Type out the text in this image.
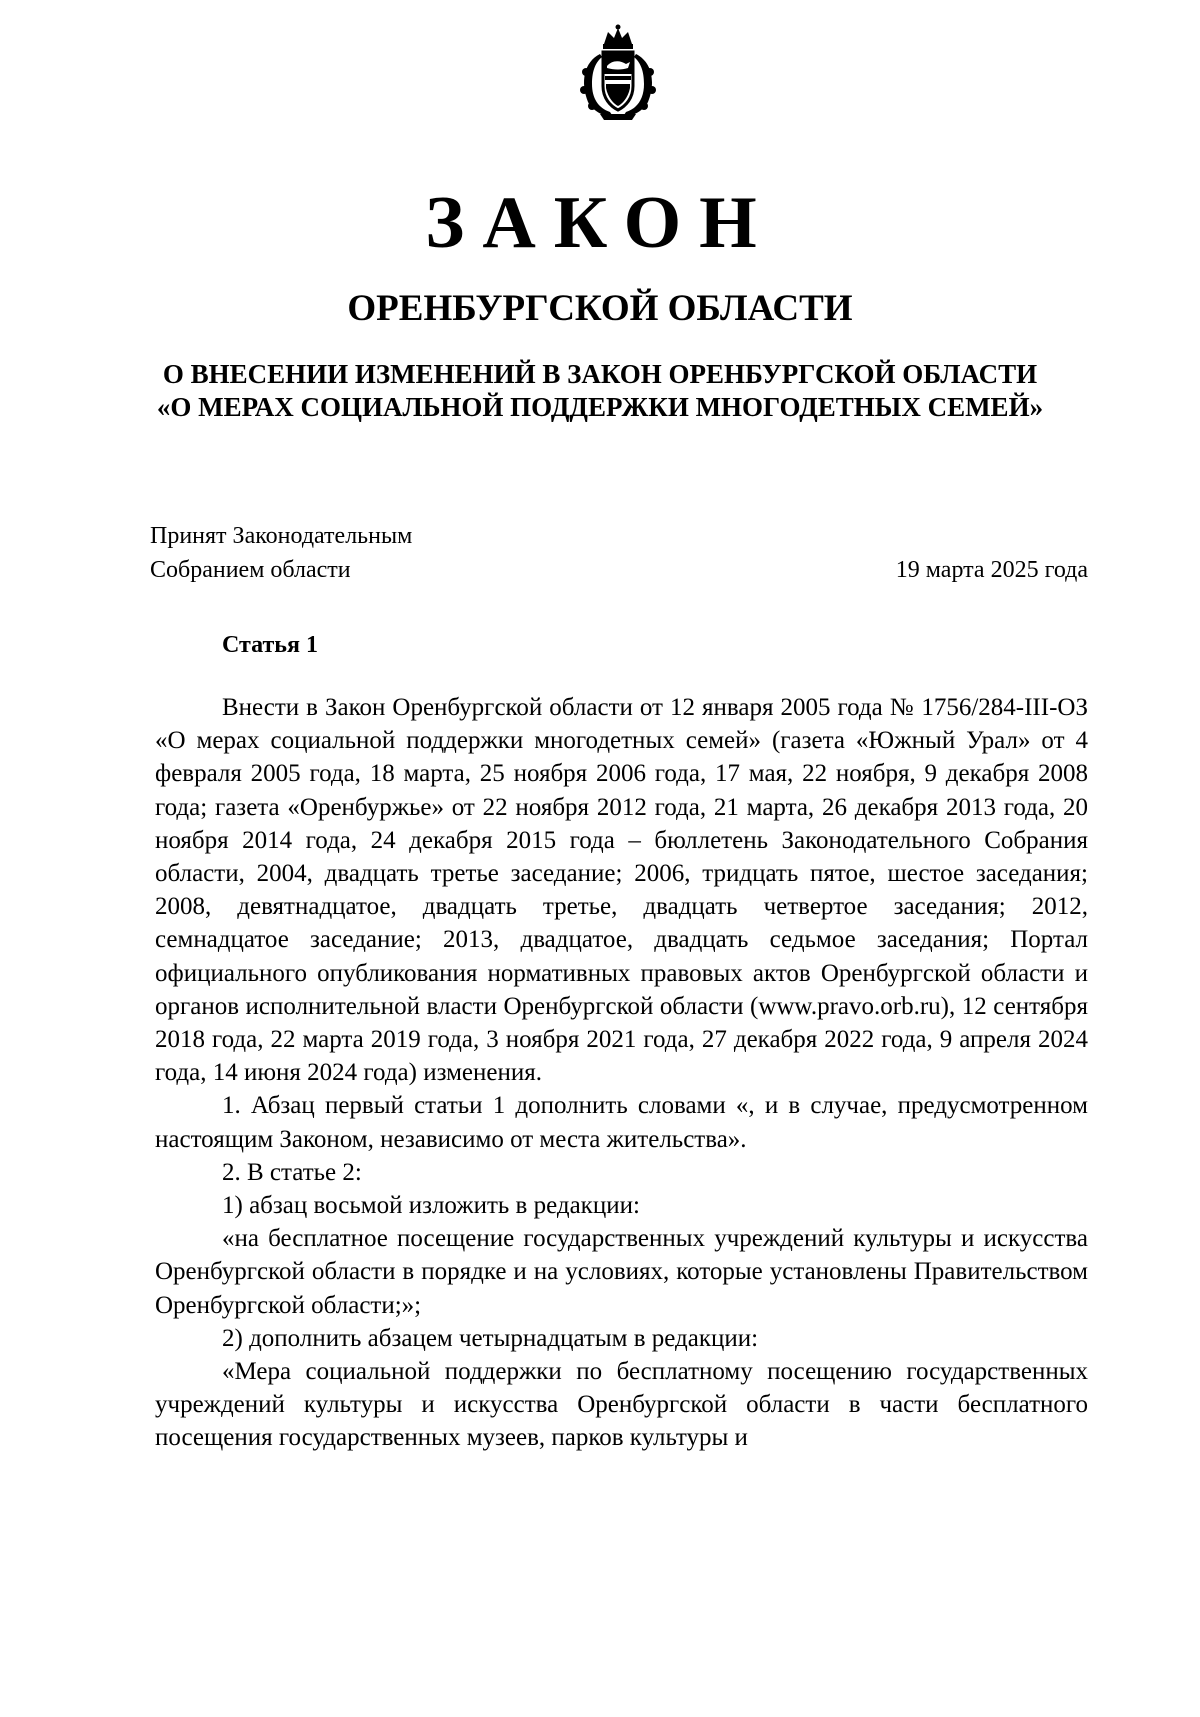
ЗАКОН
ОРЕНБУРГСКОЙ ОБЛАСТИ
О ВНЕСЕНИИ ИЗМЕНЕНИЙ В ЗАКОН ОРЕНБУРГСКОЙ ОБЛАСТИ
«О МЕРАХ СОЦИАЛЬНОЙ ПОДДЕРЖКИ МНОГОДЕТНЫХ СЕМЕЙ»
Принят Законодательным
Собранием области	19 марта 2025 года
Статья 1
Внести в Закон Оренбургской области от 12 января 2005 года № 1756/284-III-ОЗ «О мерах социальной поддержки многодетных семей» (газета «Южный Урал» от 4 февраля 2005 года, 18 марта, 25 ноября 2006 года, 17 мая, 22 ноября, 9 декабря 2008 года; газета «Оренбуржье» от 22 ноября 2012 года, 21 марта, 26 декабря 2013 года, 20 ноября 2014 года, 24 декабря 2015 года – бюллетень Законодательного Собрания области, 2004, двадцать третье заседание; 2006, тридцать пятое, шестое заседания; 2008, девятнадцатое, двадцать третье, двадцать четвертое заседания; 2012, семнадцатое заседание; 2013, двадцатое, двадцать седьмое заседания; Портал официального опубликования нормативных правовых актов Оренбургской области и органов исполнительной власти Оренбургской области (www.pravo.orb.ru), 12 сентября 2018 года, 22 марта 2019 года, 3 ноября 2021 года, 27 декабря 2022 года, 9 апреля 2024 года, 14 июня 2024 года) изменения.
1. Абзац первый статьи 1 дополнить словами «, и в случае, предусмотренном настоящим Законом, независимо от места жительства».
2. В статье 2:
1) абзац восьмой изложить в редакции:
«на бесплатное посещение государственных учреждений культуры и искусства Оренбургской области в порядке и на условиях, которые установлены Правительством Оренбургской области;»;
2) дополнить абзацем четырнадцатым в редакции:
«Мера социальной поддержки по бесплатному посещению государственных учреждений культуры и искусства Оренбургской области в части бесплатного посещения государственных музеев, парков культуры и
